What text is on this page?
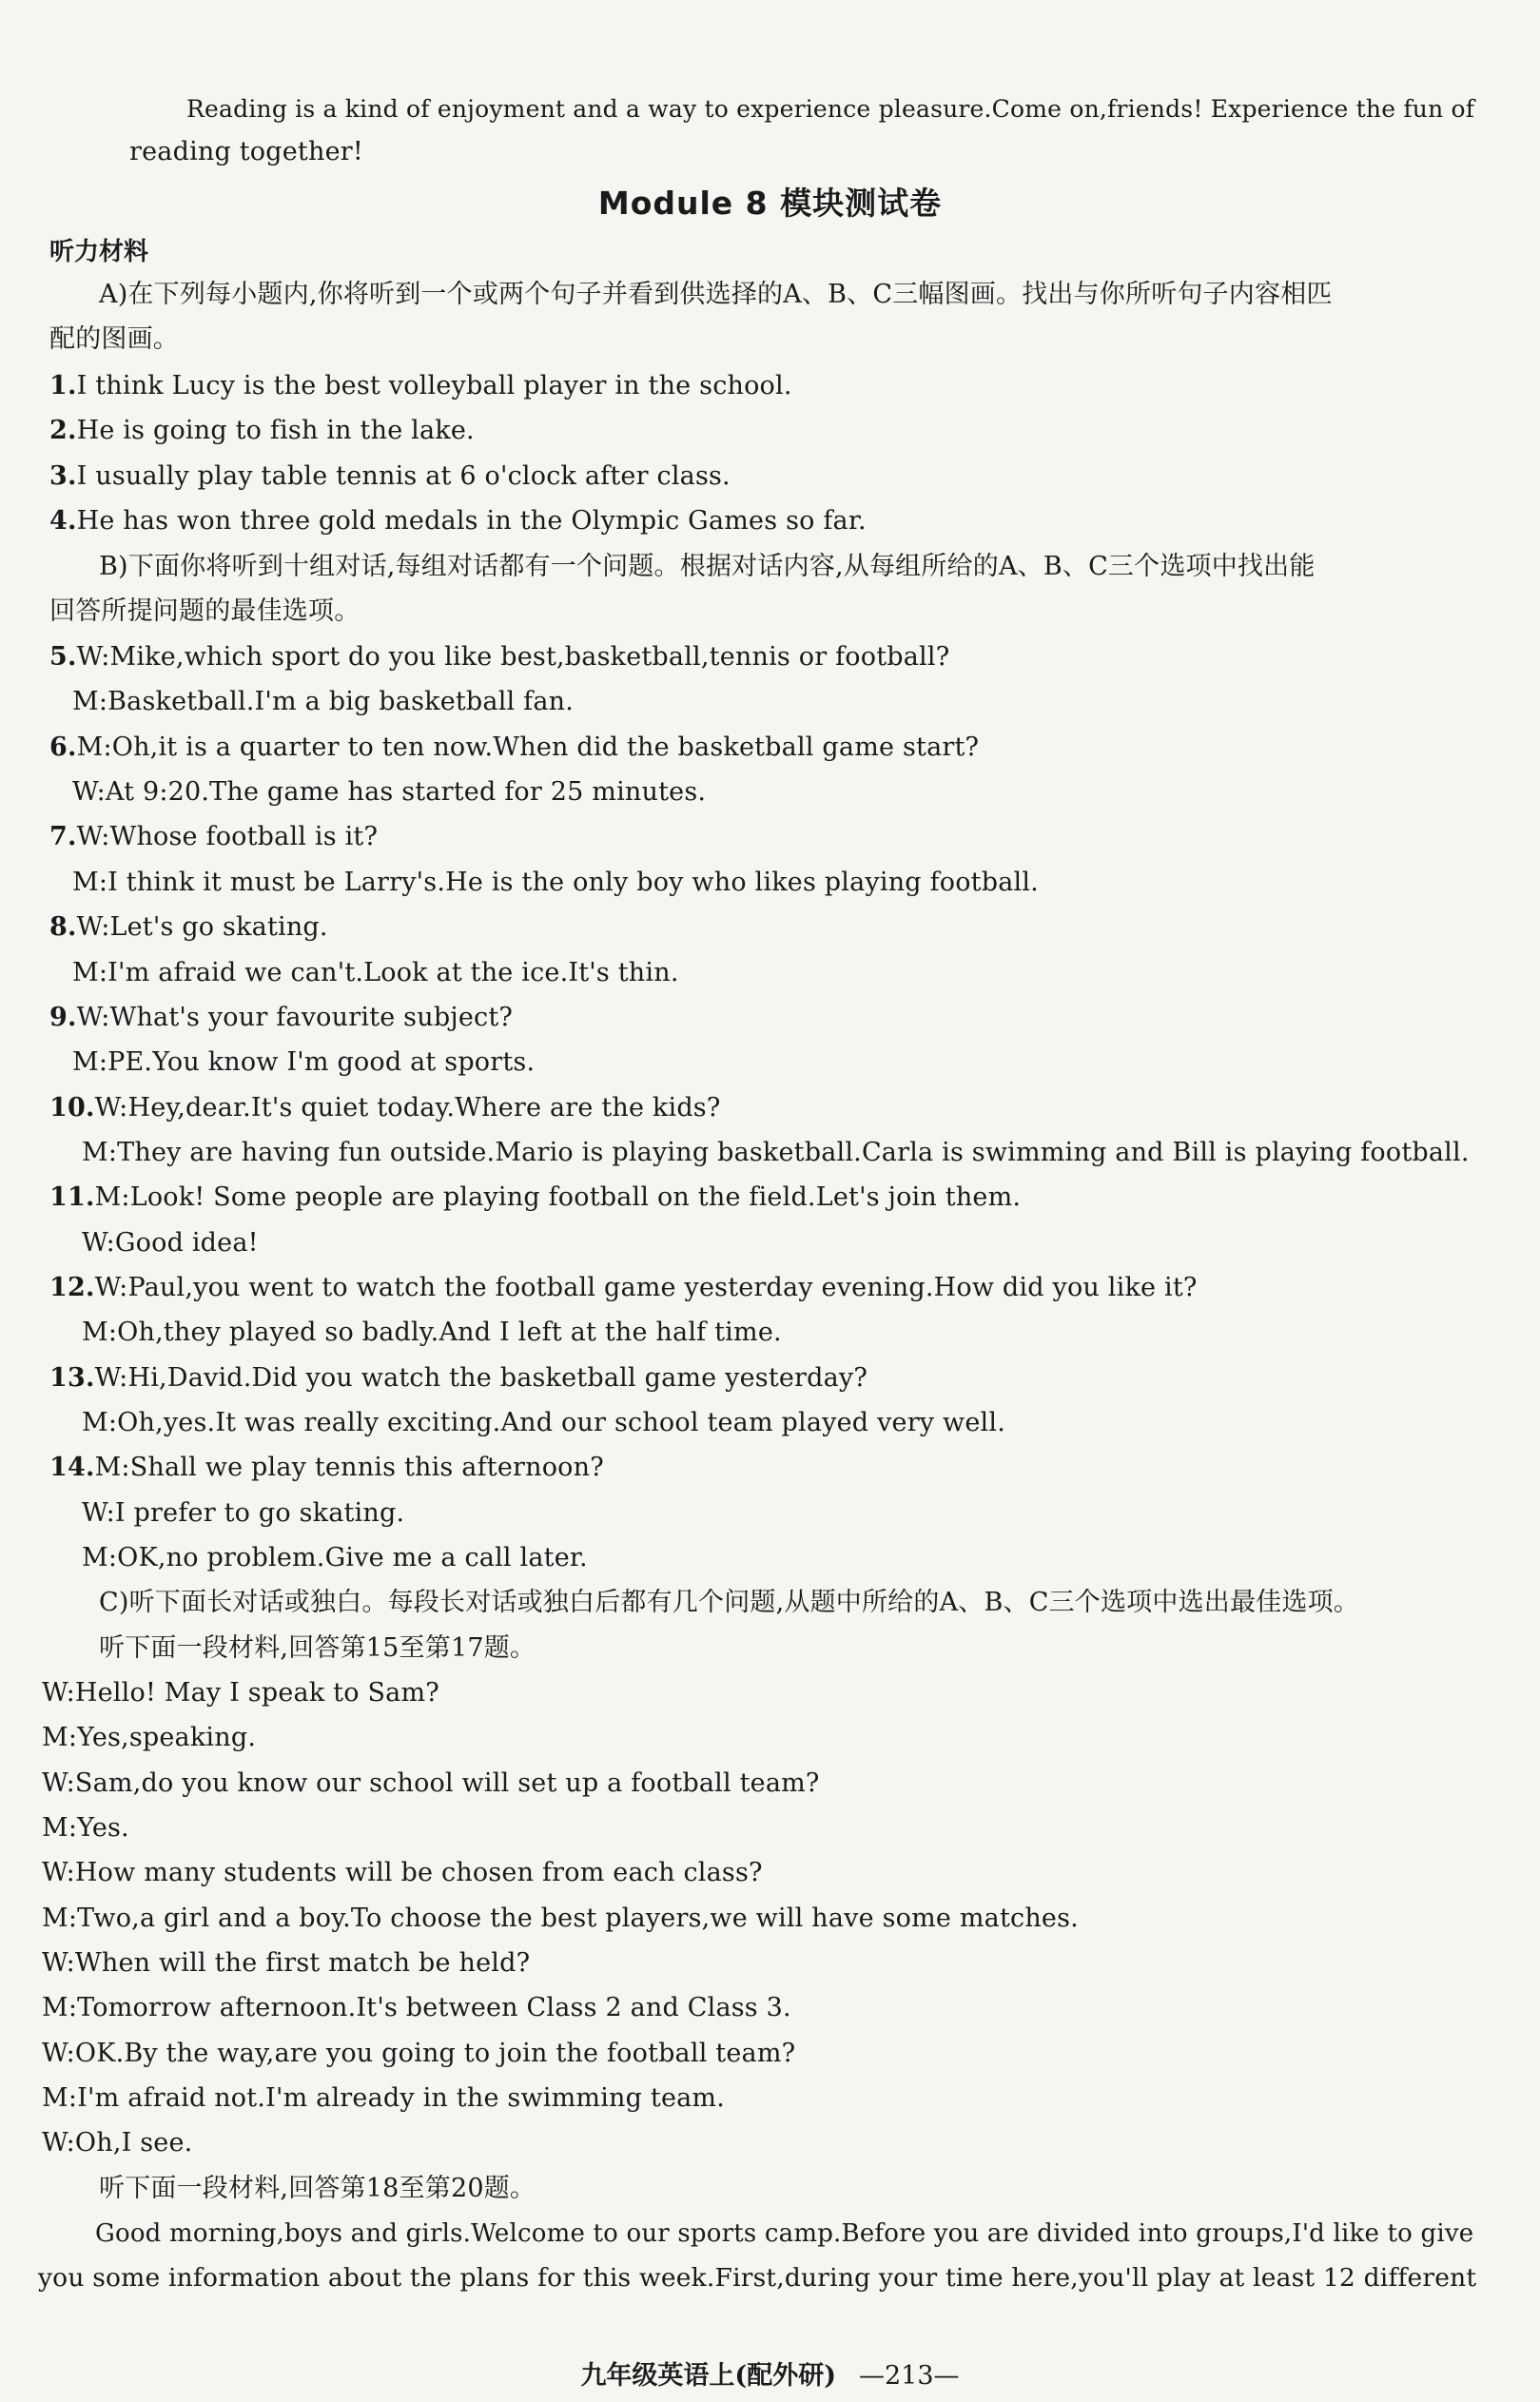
Reading is a kind of enjoyment and a way to experience pleasure.Come on,friends! Experience the fun of
reading together!
Module 8 模块测试卷
听力材料
A)在下列每小题内,你将听到一个或两个句子并看到供选择的A、B、C三幅图画。找出与你所听句子内容相匹
配的图画。
1.I think Lucy is the best volleyball player in the school.
2.He is going to fish in the lake.
3.I usually play table tennis at 6 o'clock after class.
4.He has won three gold medals in the Olympic Games so far.
B)下面你将听到十组对话,每组对话都有一个问题。根据对话内容,从每组所给的A、B、C三个选项中找出能
回答所提问题的最佳选项。
5.W:Mike,which sport do you like best,basketball,tennis or football?
M:Basketball.I'm a big basketball fan.
6.M:Oh,it is a quarter to ten now.When did the basketball game start?
W:At 9:20.The game has started for 25 minutes.
7.W:Whose football is it?
M:I think it must be Larry's.He is the only boy who likes playing football.
8.W:Let's go skating.
M:I'm afraid we can't.Look at the ice.It's thin.
9.W:What's your favourite subject?
M:PE.You know I'm good at sports.
10.W:Hey,dear.It's quiet today.Where are the kids?
M:They are having fun outside.Mario is playing basketball.Carla is swimming and Bill is playing football.
11.M:Look! Some people are playing football on the field.Let's join them.
W:Good idea!
12.W:Paul,you went to watch the football game yesterday evening.How did you like it?
M:Oh,they played so badly.And I left at the half time.
13.W:Hi,David.Did you watch the basketball game yesterday?
M:Oh,yes.It was really exciting.And our school team played very well.
14.M:Shall we play tennis this afternoon?
W:I prefer to go skating.
M:OK,no problem.Give me a call later.
C)听下面长对话或独白。每段长对话或独白后都有几个问题,从题中所给的A、B、C三个选项中选出最佳选项。
听下面一段材料,回答第15至第17题。
W:Hello! May I speak to Sam?
M:Yes,speaking.
W:Sam,do you know our school will set up a football team?
M:Yes.
W:How many students will be chosen from each class?
M:Two,a girl and a boy.To choose the best players,we will have some matches.
W:When will the first match be held?
M:Tomorrow afternoon.It's between Class 2 and Class 3.
W:OK.By the way,are you going to join the football team?
M:I'm afraid not.I'm already in the swimming team.
W:Oh,I see.
听下面一段材料,回答第18至第20题。
Good morning,boys and girls.Welcome to our sports camp.Before you are divided into groups,I'd like to give
you some information about the plans for this week.First,during your time here,you'll play at least 12 different
九年级英语上(配外研) —213—
